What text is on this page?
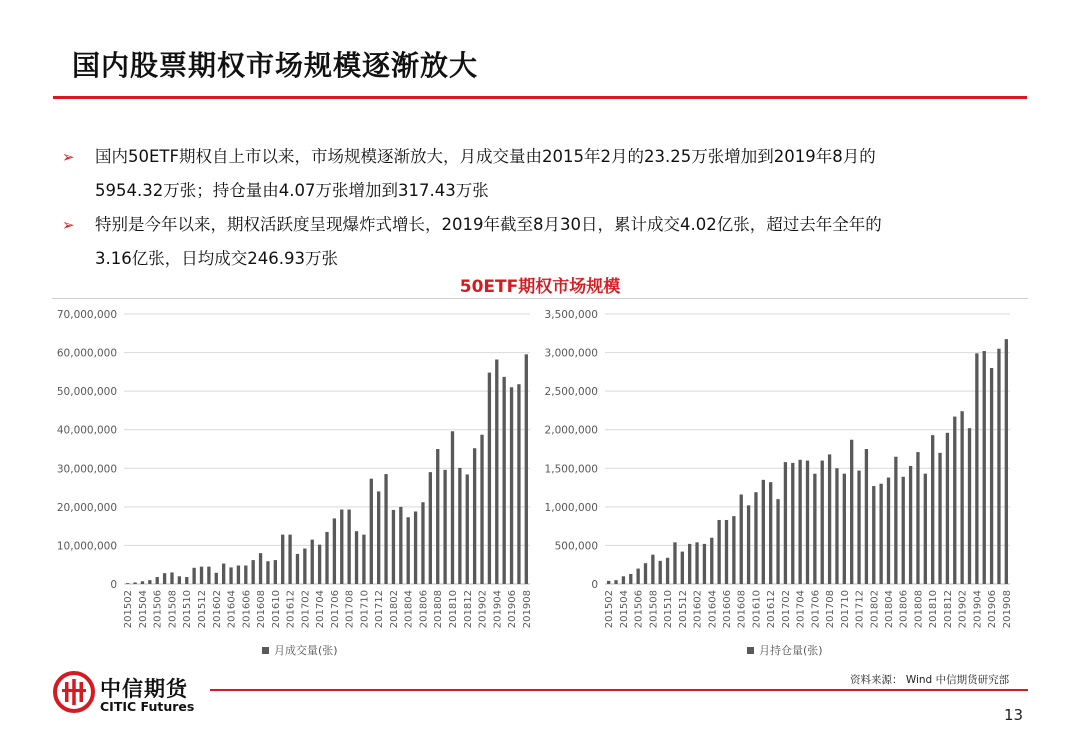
国内股票期权市场规模逐渐放大
➢ 国内50ETF期权自上市以来，市场规模逐渐放大，月成交量由2015年2月的23.25万张增加到2019年8月的
5954.32万张；持仓量由4.07万张增加到317.43万张
➢ 特别是今年以来，期权活跃度呈现爆炸式增长，2019年截至8月30日，累计成交4.02亿张，超过去年全年的
3.16亿张，日均成交246.93万张
50ETF期权市场规模
0
10,000,000
20,000,000
30,000,000
40,000,000
50,000,000
60,000,000
70,000,000
201502 201504 201506 201508 201510 201512 201602 201604 201606 201608 201610 201612 201702 201704 201706 201708 201710 201712 201802 201804 201806 201808 201810 201812 201902 201904 201906 201908
月成交量(张)
0
500,000
1,000,000
1,500,000
2,000,000
2,500,000
3,000,000
3,500,000
201502 201504 201506 201508 201510 201512 201602 201604 201606 201608 201610 201612 201702 201704 201706 201708 201710 201712 201802 201804 201806 201808 201810 201812 201902 201904 201906 201908
月持仓量(张)
中信期货
CITIC Futures
资料来源： Wind 中信期货研究部
13
